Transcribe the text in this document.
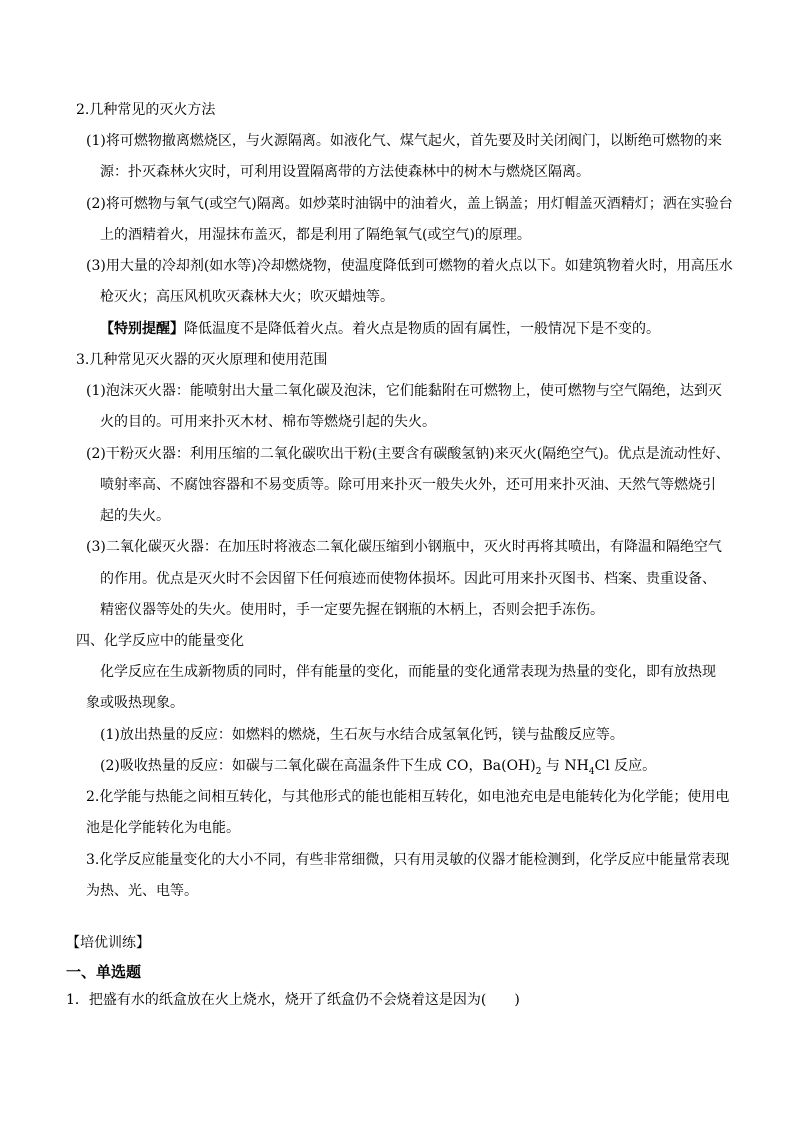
2.几种常见的灭火方法

(1)将可燃物撤离燃烧区，与火源隔离。如液化气、煤气起火，首先要及时关闭阀门，以断绝可燃物的来

源：扑灭森林火灾时，可利用设置隔离带的方法使森林中的树木与燃烧区隔离。

(2)将可燃物与氧气(或空气)隔离。如炒菜时油锅中的油着火，盖上锅盖；用灯帽盖灭酒精灯；洒在实验台

上的酒精着火，用湿抹布盖灭，都是利用了隔绝氧气(或空气)的原理。

(3)用大量的冷却剂(如水等)冷却燃烧物，使温度降低到可燃物的着火点以下。如建筑物着火时，用高压水

枪灭火；高压风机吹灭森林大火；吹灭蜡烛等。

【特别提醒】降低温度不是降低着火点。着火点是物质的固有属性，一般情况下是不变的。

3.几种常见灭火器的灭火原理和使用范围

(1)泡沫灭火器：能喷射出大量二氧化碳及泡沫，它们能黏附在可燃物上，使可燃物与空气隔绝，达到灭

火的目的。可用来扑灭木材、棉布等燃烧引起的失火。

(2)干粉灭火器：利用压缩的二氧化碳吹出干粉(主要含有碳酸氢钠)来灭火(隔绝空气)。优点是流动性好、

喷射率高、不腐蚀容器和不易变质等。除可用来扑灭一般失火外，还可用来扑灭油、天然气等燃烧引

起的失火。

(3)二氧化碳灭火器：在加压时将液态二氧化碳压缩到小钢瓶中，灭火时再将其喷出，有降温和隔绝空气

的作用。优点是灭火时不会因留下任何痕迹而使物体损坏。因此可用来扑灭图书、档案、贵重设备、

精密仪器等处的失火。使用时，手一定要先握在钢瓶的木柄上，否则会把手冻伤。

四、化学反应中的能量变化

化学反应在生成新物质的同时，伴有能量的变化，而能量的变化通常表现为热量的变化，即有放热现

象或吸热现象。

(1)放出热量的反应：如燃料的燃烧，生石灰与水结合成氢氧化钙，镁与盐酸反应等。

(2)吸收热量的反应：如碳与二氧化碳在高温条件下生成 CO，$Ba(OH)_2$ 与 $NH_4Cl$ 反应。

2.化学能与热能之间相互转化，与其他形式的能也能相互转化，如电池充电是电能转化为化学能；使用电

池是化学能转化为电能。

3.化学反应能量变化的大小不同，有些非常细微，只有用灵敏的仪器才能检测到，化学反应中能量常表现

为热、光、电等。

【培优训练】

一、单选题

1．把盛有水的纸盒放在火上烧水，烧开了纸盒仍不会烧着这是因为(　　)
